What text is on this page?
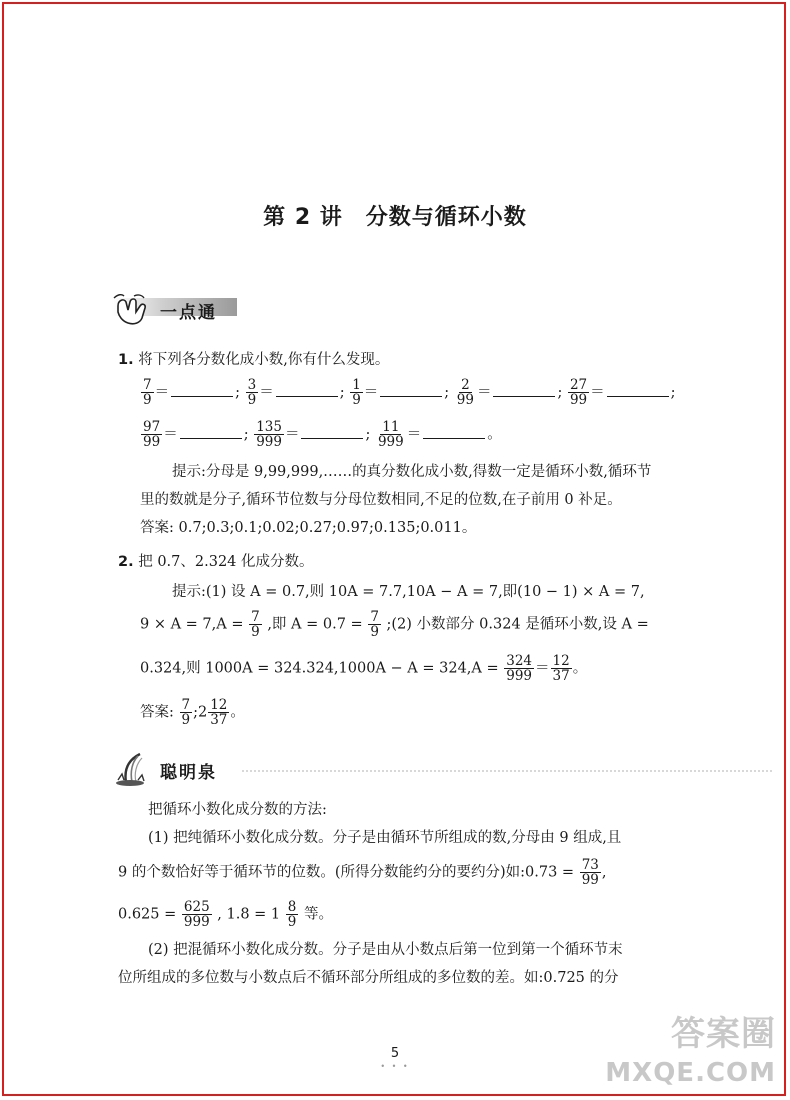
第 2 讲　分数与循环小数
一点通
1. 将下列各分数化成小数,你有什么发现。
$\frac{7}{9}$ ＝	; $\frac{3}{9}$ ＝	; $\frac{1}{9}$ ＝	; $\frac{2}{99}$ ＝	; $\frac{27}{99}$ ＝	;
$\frac{97}{99}$ ＝	; $\frac{135}{999}$ ＝	; $\frac{11}{999}$ ＝	。
提示:分母是 9,99,999,……的真分数化成小数,得数一定是循环小数,循环节
里的数就是分子,循环节位数与分母位数相同,不足的位数,在子前用 0 补足。
答案: 0.7;0.3;0.1;0.02;0.27;0.97;0.135;0.011。
2. 把 0.7、2.324 化成分数。
提示:(1) 设 A = 0.7,则 10A = 7.7,10A − A = 7,即(10 − 1) × A = 7,
$9 \times A = 7,A = \frac{7}{9}$ ,即 $A = 0.7 = \frac{7}{9}$ ;(2) 小数部分 0.324 是循环小数,设 A =
0.324,则 $1000A = 324.324,1000A - A = 324,A = \frac{324}{999} = \frac{12}{37}$ 。
答案: $\frac{7}{9}$ ;2 $\frac{12}{37}$ 。
聪明泉
把循环小数化成分数的方法:
(1) 把纯循环小数化成分数。分子是由循环节所组成的数,分母由 9 组成,且
9 的个数恰好等于循环节的位数。(所得分数能约分的要约分)如:0.73 = $\frac{73}{99}$ ,
$0.625 = \frac{625}{999}$ , $1.8 = 1 \frac{8}{9}$ 等。
(2) 把混循环小数化成分数。分子是由从小数点后第一位到第一个循环节末
位所组成的多位数与小数点后不循环部分所组成的多位数的差。如:0.725 的分
5
• • •
答案圈
MXQE.COM
